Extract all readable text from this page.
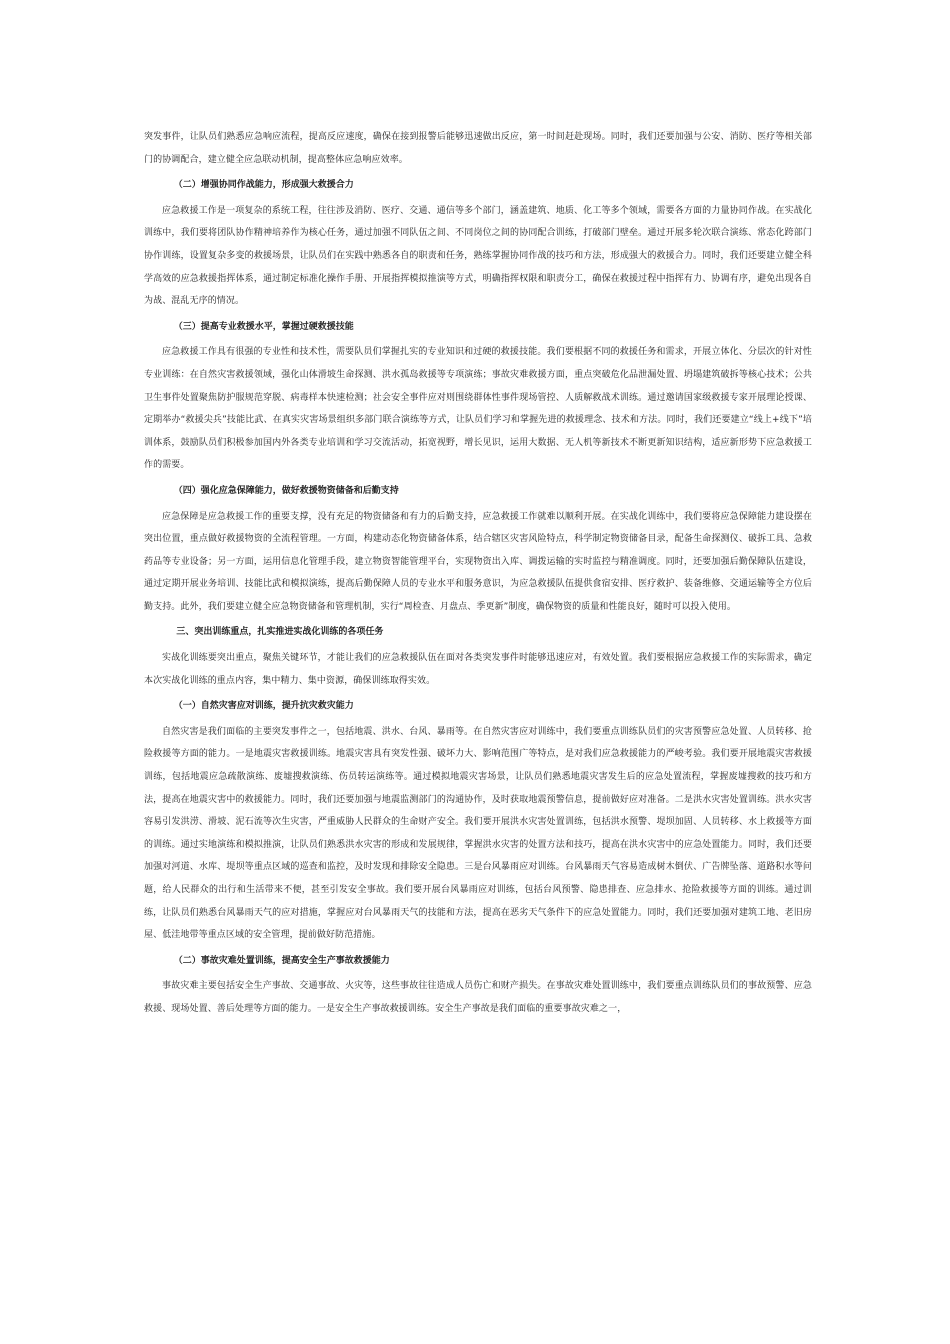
突发事件，让队员们熟悉应急响应流程，提高反应速度，确保在接到报警后能够迅速做出反应，第一时间赶赴现场。同时，我们还要加强与公安、消防、医疗等相关部门的协调配合，建立健全应急联动机制，提高整体应急响应效率。

（二）增强协同作战能力，形成强大救援合力

应急救援工作是一项复杂的系统工程，往往涉及消防、医疗、交通、通信等多个部门，涵盖建筑、地质、化工等多个领域，需要各方面的力量协同作战。在实战化训练中，我们要将团队协作精神培养作为核心任务，通过加强不同队伍之间、不同岗位之间的协同配合训练，打破部门壁垒。通过开展多轮次联合演练、常态化跨部门协作训练，设置复杂多变的救援场景，让队员们在实践中熟悉各自的职责和任务，熟练掌握协同作战的技巧和方法，形成强大的救援合力。同时，我们还要建立健全科学高效的应急救援指挥体系，通过制定标准化操作手册、开展指挥模拟推演等方式，明确指挥权限和职责分工，确保在救援过程中指挥有力、协调有序，避免出现各自为战、混乱无序的情况。

（三）提高专业救援水平，掌握过硬救援技能

应急救援工作具有很强的专业性和技术性，需要队员们掌握扎实的专业知识和过硬的救援技能。我们要根据不同的救援任务和需求，开展立体化、分层次的针对性专业训练：在自然灾害救援领域，强化山体滑坡生命探测、洪水孤岛救援等专项演练；事故灾难救援方面，重点突破危化品泄漏处置、坍塌建筑破拆等核心技术；公共卫生事件处置聚焦防护服规范穿脱、病毒样本快速检测；社会安全事件应对则围绕群体性事件现场管控、人质解救战术训练。通过邀请国家级救援专家开展理论授课、定期举办“救援尖兵”技能比武、在真实灾害场景组织多部门联合演练等方式，让队员们学习和掌握先进的救援理念、技术和方法。同时，我们还要建立“线上+线下”培训体系，鼓励队员们积极参加国内外各类专业培训和学习交流活动，拓宽视野，增长见识，运用大数据、无人机等新技术不断更新知识结构，适应新形势下应急救援工作的需要。

（四）强化应急保障能力，做好救援物资储备和后勤支持

应急保障是应急救援工作的重要支撑，没有充足的物资储备和有力的后勤支持，应急救援工作就难以顺利开展。在实战化训练中，我们要将应急保障能力建设摆在突出位置，重点做好救援物资的全流程管理。一方面，构建动态化物资储备体系，结合辖区灾害风险特点，科学制定物资储备目录，配备生命探测仪、破拆工具、急救药品等专业设备；另一方面，运用信息化管理手段，建立物资智能管理平台，实现物资出入库、调拨运输的实时监控与精准调度。同时，还要加强后勤保障队伍建设，通过定期开展业务培训、技能比武和模拟演练，提高后勤保障人员的专业水平和服务意识，为应急救援队伍提供食宿安排、医疗救护、装备维修、交通运输等全方位后勤支持。此外，我们要建立健全应急物资储备和管理机制，实行“周检查、月盘点、季更新”制度，确保物资的质量和性能良好，随时可以投入使用。

三、突出训练重点，扎实推进实战化训练的各项任务

实战化训练要突出重点，聚焦关键环节，才能让我们的应急救援队伍在面对各类突发事件时能够迅速应对，有效处置。我们要根据应急救援工作的实际需求，确定本次实战化训练的重点内容，集中精力、集中资源，确保训练取得实效。

（一）自然灾害应对训练，提升抗灾救灾能力

自然灾害是我们面临的主要突发事件之一，包括地震、洪水、台风、暴雨等。在自然灾害应对训练中，我们要重点训练队员们的灾害预警应急处置、人员转移、抢险救援等方面的能力。一是地震灾害救援训练。地震灾害具有突发性强、破坏力大、影响范围广等特点，是对我们应急救援能力的严峻考验。我们要开展地震灾害救援训练，包括地震应急疏散演练、废墟搜救演练、伤员转运演练等。通过模拟地震灾害场景，让队员们熟悉地震灾害发生后的应急处置流程，掌握废墟搜救的技巧和方法，提高在地震灾害中的救援能力。同时，我们还要加强与地震监测部门的沟通协作，及时获取地震预警信息，提前做好应对准备。二是洪水灾害处置训练。洪水灾害容易引发洪涝、滑坡、泥石流等次生灾害，严重威胁人民群众的生命财产安全。我们要开展洪水灾害处置训练，包括洪水预警、堤坝加固、人员转移、水上救援等方面的训练。通过实地演练和模拟推演，让队员们熟悉洪水灾害的形成和发展规律，掌握洪水灾害的处置方法和技巧，提高在洪水灾害中的应急处置能力。同时，我们还要加强对河道、水库、堤坝等重点区域的巡查和监控，及时发现和排除安全隐患。三是台风暴雨应对训练。台风暴雨天气容易造成树木倒伏、广告牌坠落、道路积水等问题，给人民群众的出行和生活带来不便，甚至引发安全事故。我们要开展台风暴雨应对训练，包括台风预警、隐患排查、应急排水、抢险救援等方面的训练。通过训练，让队员们熟悉台风暴雨天气的应对措施，掌握应对台风暴雨天气的技能和方法，提高在恶劣天气条件下的应急处置能力。同时，我们还要加强对建筑工地、老旧房屋、低洼地带等重点区域的安全管理，提前做好防范措施。

（二）事故灾难处置训练，提高安全生产事故救援能力

事故灾难主要包括安全生产事故、交通事故、火灾等，这些事故往往造成人员伤亡和财产损失。在事故灾难处置训练中，我们要重点训练队员们的事故预警、应急救援、现场处置、善后处理等方面的能力。一是安全生产事故救援训练。安全生产事故是我们面临的重要事故灾难之一，
